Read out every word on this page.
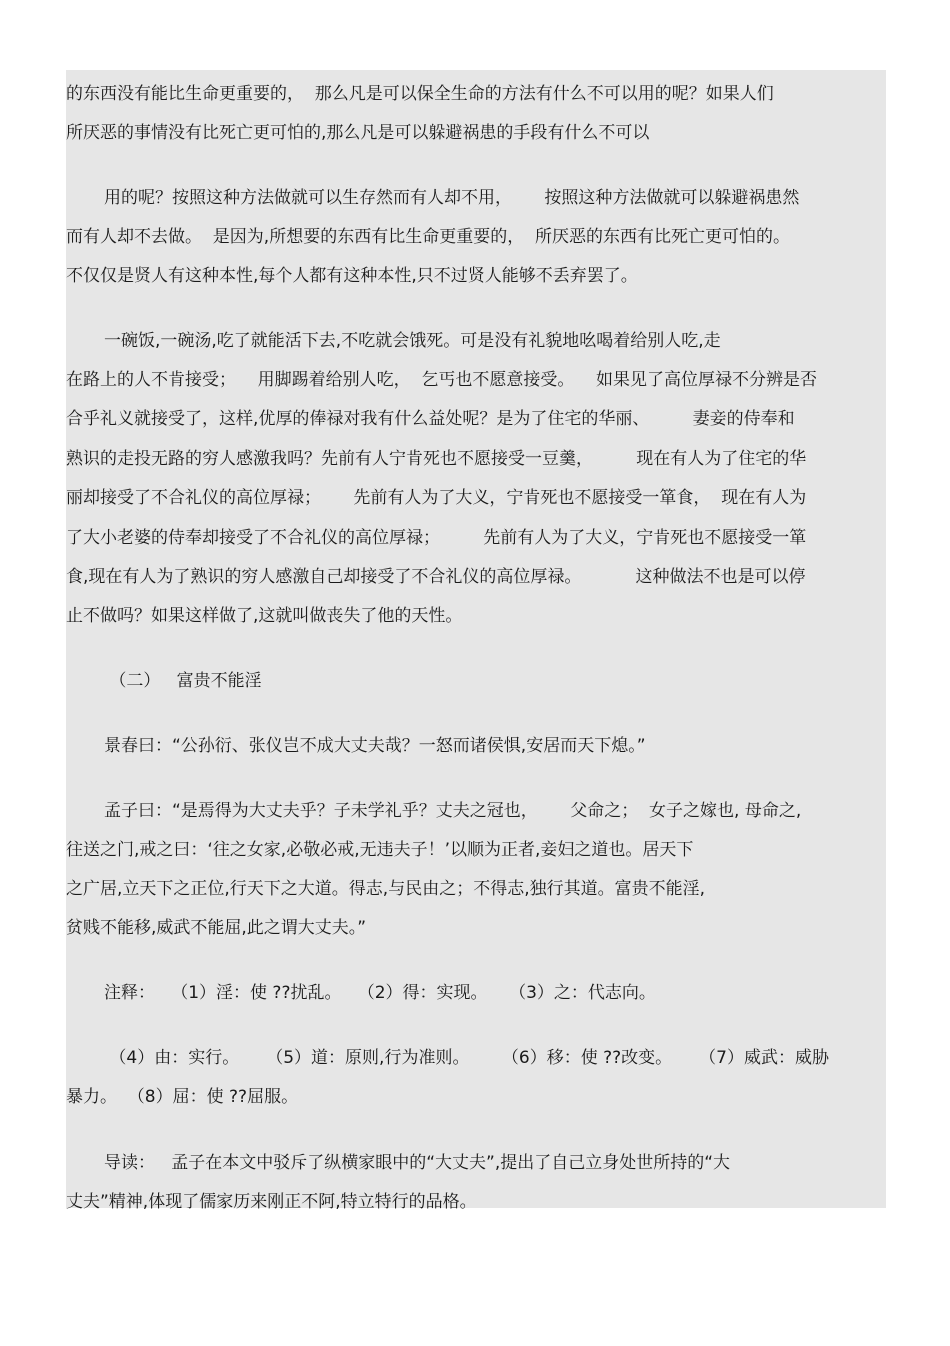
的东西没有能比生命更重要的，  那么凡是可以保全生命的方法有什么不可以用的呢？如果人们
所厌恶的事情没有比死亡更可怕的,那么凡是可以躲避祸患的手段有什么不可以
用的呢？按照这种方法做就可以生存然而有人却不用，      按照这种方法做就可以躲避祸患然
而有人却不去做。  是因为,所想要的东西有比生命更重要的，  所厌恶的东西有比死亡更可怕的。
不仅仅是贤人有这种本性,每个人都有这种本性,只不过贤人能够不丢弃罢了。
一碗饭,一碗汤,吃了就能活下去,不吃就会饿死。可是没有礼貌地吆喝着给别人吃,走
在路上的人不肯接受；    用脚踢着给别人吃，  乞丐也不愿意接受。    如果见了高位厚禄不分辨是否
合乎礼义就接受了，这样,优厚的俸禄对我有什么益处呢？是为了住宅的华丽、        妻妾的侍奉和
熟识的走投无路的穷人感激我吗？先前有人宁肯死也不愿接受一豆羹，        现在有人为了住宅的华
丽却接受了不合礼仪的高位厚禄；      先前有人为了大义，宁肯死也不愿接受一箪食，  现在有人为
了大小老婆的侍奉却接受了不合礼仪的高位厚禄；        先前有人为了大义，宁肯死也不愿接受一箪
食,现在有人为了熟识的穷人感激自己却接受了不合礼仪的高位厚禄。          这种做法不也是可以停
止不做吗？如果这样做了,这就叫做丧失了他的天性。
（二）   富贵不能淫
景春曰：“公孙衍、张仪岂不成大丈夫哉？一怒而诸侯惧,安居而天下熄。”
孟子曰：“是焉得为大丈夫乎？子未学礼乎？丈夫之冠也，      父命之；  女子之嫁也, 母命之,
往送之门,戒之曰：‘往之女家,必敬必戒,无违夫子！’以顺为正者,妾妇之道也。居天下
之广居,立天下之正位,行天下之大道。得志,与民由之；不得志,独行其道。富贵不能淫,
贫贱不能移,威武不能屈,此之谓大丈夫。”
注释：   （1）淫：使 ??扰乱。   （2）得：实现。    （3）之：代志向。
（4）由：实行。     （5）道：原则,行为准则。      （6）移：使 ??改变。     （7）威武：威胁
暴力。  （8）屈：使 ??屈服。
导读：   孟子在本文中驳斥了纵横家眼中的“大丈夫”,提出了自己立身处世所持的“大
丈夫”精神,体现了儒家历来刚正不阿,特立特行的品格。
